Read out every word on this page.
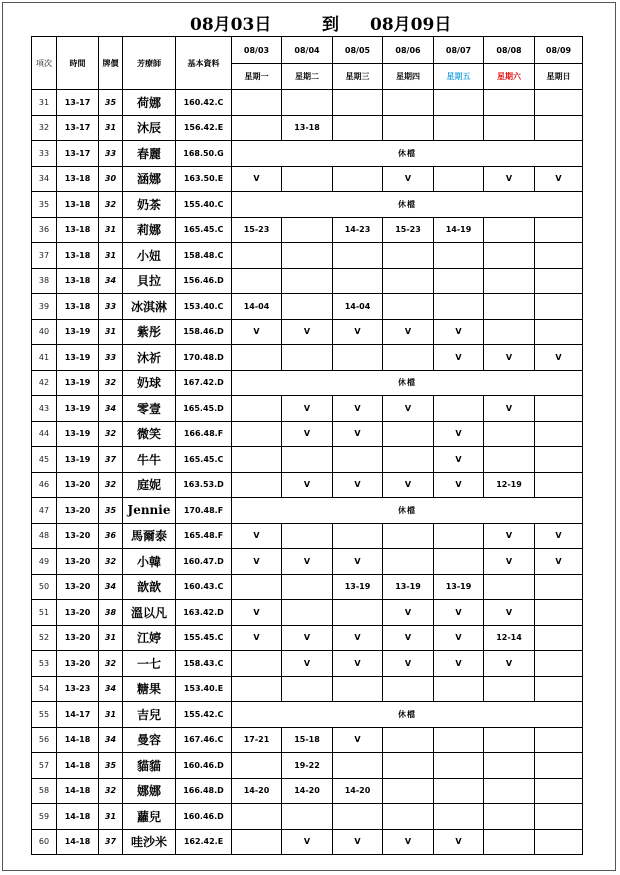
08月03日	到 08月09日
項次	時間	牌價	芳療師	基本資料	08/03	08/04	08/05	08/06	08/07	08/08	08/09
					星期一	星期二	星期三	星期四	星期五	星期六	星期日
31	13-17	35	荷娜	160.42.C							
32	13-17	31	沐辰	156.42.E		13-18					
33	13-17	33	春麗	168.50.G	休檔						
34	13-18	30	涵娜	163.50.E	V			V		V	V
35	13-18	32	奶茶	155.40.C	休檔						
36	13-18	31	莉娜	165.45.C	15-23		14-23	15-23	14-19		
37	13-18	31	小妞	158.48.C							
38	13-18	34	貝拉	156.46.D							
39	13-18	33	冰淇淋	153.40.C	14-04		14-04				
40	13-19	31	紫彤	158.46.D	V	V	V	V	V		
41	13-19	33	沐祈	170.48.D					V	V	V
42	13-19	32	奶球	167.42.D	休檔						
43	13-19	34	零壹	165.45.D		V	V	V		V	
44	13-19	32	微笑	166.48.F		V	V		V		
45	13-19	37	牛牛	165.45.C					V		
46	13-20	32	庭妮	163.53.D		V	V	V	V	12-19	
47	13-20	35	Jennie	170.48.F	休檔						
48	13-20	36	馬爾泰	165.48.F	V					V	V
49	13-20	32	小韓	160.47.D	V	V	V			V	V
50	13-20	34	歆歆	160.43.C			13-19	13-19	13-19		
51	13-20	38	溫以凡	163.42.D	V			V	V	V	
52	13-20	31	江婷	155.45.C	V	V	V	V	V	12-14	
53	13-20	32	一七	158.43.C		V	V	V	V	V	
54	13-23	34	糖果	153.40.E							
55	14-17	31	吉兒	155.42.C	休檔						
56	14-18	34	曼容	167.46.C	17-21	15-18	V				
57	14-18	35	貓貓	160.46.D		19-22					
58	14-18	32	娜娜	166.48.D	14-20	14-20	14-20				
59	14-18	31	蘿兒	160.46.D							
60	14-18	37	哇沙米	162.42.E		V	V	V	V		
